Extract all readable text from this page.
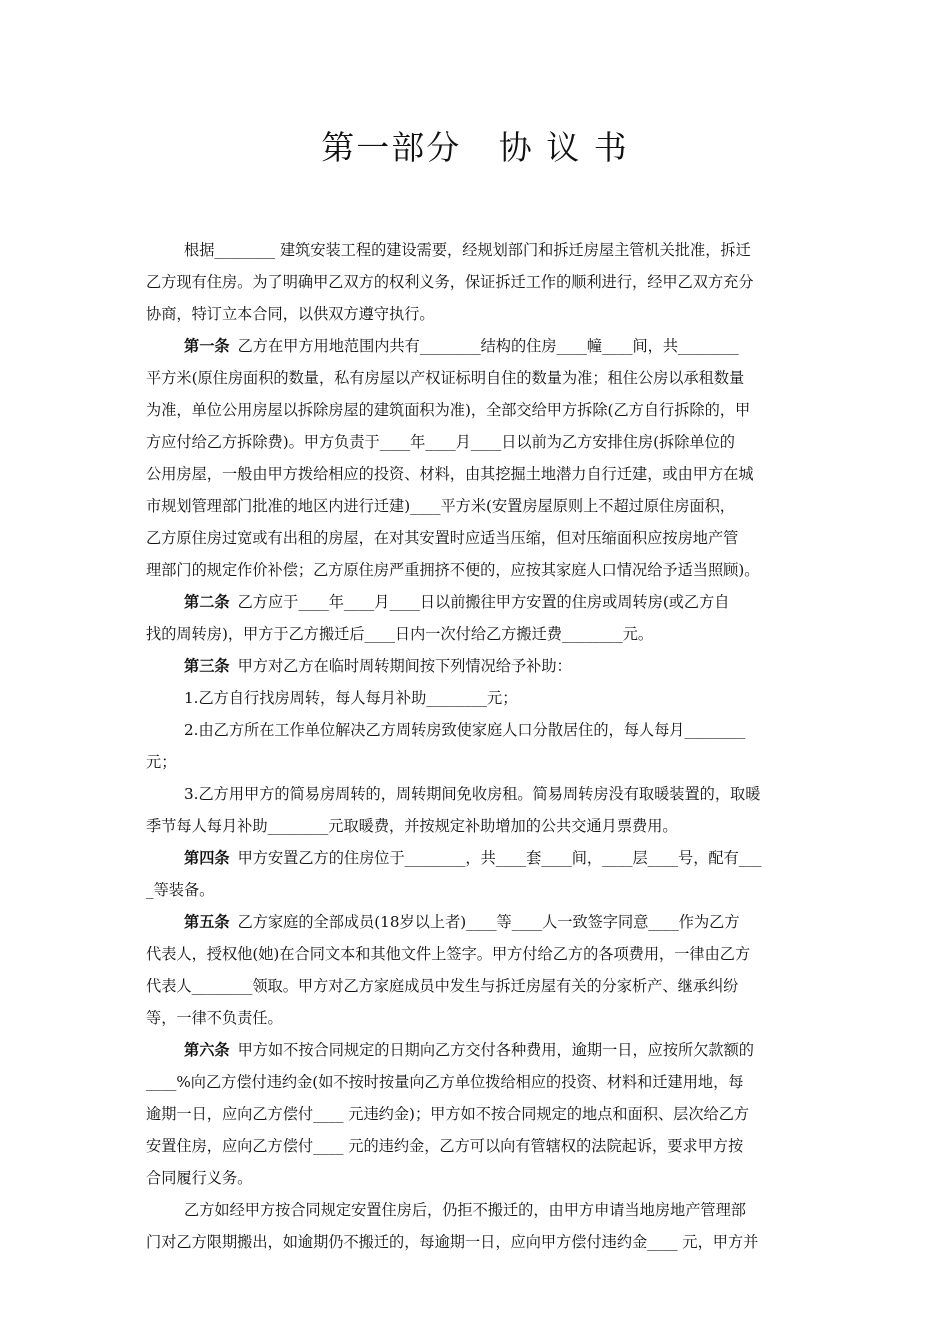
第一部分   协 议 书
根据________ 建筑安装工程的建设需要，经规划部门和拆迁房屋主管机关批准，拆迁
乙方现有住房。为了明确甲乙双方的权利义务，保证拆迁工作的顺利进行，经甲乙双方充分
协商，特订立本合同，以供双方遵守执行。
第一条 乙方在甲方用地范围内共有________结构的住房____幢____间，共________
平方米(原住房面积的数量，私有房屋以产权证标明自住的数量为准；租住公房以承租数量
为准，单位公用房屋以拆除房屋的建筑面积为准)，全部交给甲方拆除(乙方自行拆除的，甲
方应付给乙方拆除费)。甲方负责于____年____月____日以前为乙方安排住房(拆除单位的
公用房屋，一般由甲方拨给相应的投资、材料，由其挖掘土地潜力自行迁建，或由甲方在城
市规划管理部门批准的地区内进行迁建)____平方米(安置房屋原则上不超过原住房面积，
乙方原住房过宽或有出租的房屋，在对其安置时应适当压缩，但对压缩面积应按房地产管
理部门的规定作价补偿；乙方原住房严重拥挤不便的，应按其家庭人口情况给予适当照顾)。
第二条 乙方应于____年____月____日以前搬往甲方安置的住房或周转房(或乙方自
找的周转房)，甲方于乙方搬迁后____日内一次付给乙方搬迁费________元。
第三条 甲方对乙方在临时周转期间按下列情况给予补助：
1.乙方自行找房周转，每人每月补助________元；
2.由乙方所在工作单位解决乙方周转房致使家庭人口分散居住的，每人每月________
元；
3.乙方用甲方的简易房周转的，周转期间免收房租。简易周转房没有取暖装置的，取暖
季节每人每月补助________元取暖费，并按规定补助增加的公共交通月票费用。
第四条 甲方安置乙方的住房位于________，共____套____间，____层____号，配有___
_等装备。
第五条 乙方家庭的全部成员(18岁以上者)____等____人一致签字同意____作为乙方
代表人，授权他(她)在合同文本和其他文件上签字。甲方付给乙方的各项费用，一律由乙方
代表人________领取。甲方对乙方家庭成员中发生与拆迁房屋有关的分家析产、继承纠纷
等，一律不负责任。
第六条 甲方如不按合同规定的日期向乙方交付各种费用，逾期一日，应按所欠款额的
____%向乙方偿付违约金(如不按时按量向乙方单位拨给相应的投资、材料和迁建用地，每
逾期一日，应向乙方偿付____ 元违约金)；甲方如不按合同规定的地点和面积、层次给乙方
安置住房，应向乙方偿付____ 元的违约金，乙方可以向有管辖权的法院起诉，要求甲方按
合同履行义务。
乙方如经甲方按合同规定安置住房后，仍拒不搬迁的，由甲方申请当地房地产管理部
门对乙方限期搬出，如逾期仍不搬迁的，每逾期一日，应向甲方偿付违约金____ 元，甲方并
